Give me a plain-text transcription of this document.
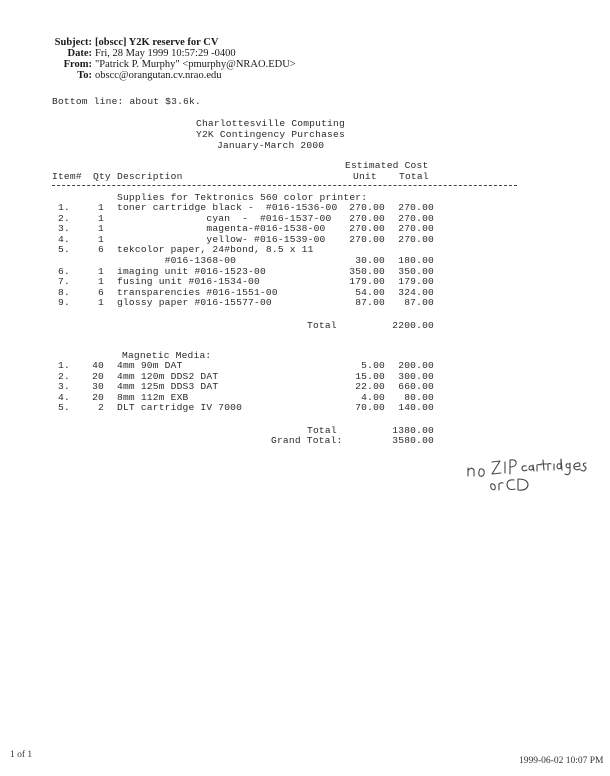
Subject: [obscc] Y2K reserve for CV
Date: Fri, 28 May 1999 10:57:29 -0400
From: "Patrick P. Murphy" <pmurphy@NRAO.EDU>
To: obscc@orangutan.cv.nrao.edu
Bottom line: about $3.6k.
Charlottesville Computing
Y2K Contingency Purchases
January-March 2000
Estimated Cost
Item# Qty Description	Unit Total
Supplies for Tektronics 560 color printer:
1.	1 toner cartridge black -  #016-1536-00	270.00	270.00
2.	1 cyan  -  #016-1537-00	270.00	270.00
3.	1 magenta-#016-1538-00	270.00	270.00
4.	1 yellow- #016-1539-00	270.00	270.00
5.	6 tekcolor paper, 24#bond, 8.5 x 11
#016-1368-00	30.00	180.00
6.	1 imaging unit #016-1523-00	350.00	350.00
7.	1 fusing unit #016-1534-00	179.00	179.00
8.	6 transparencies #016-1551-00	54.00	324.00
9.	1 glossy paper #016-15577-00	87.00	87.00
Total	2200.00
Magnetic Media:
1. 40 4mm 90m DAT	5.00	200.00
2. 20 4mm 120m DDS2 DAT	15.00	300.00
3. 30 4mm 125m DDS3 DAT	22.00	660.00
4. 20 8mm 112m EXB	4.00	80.00
5.	2 DLT cartridge IV 7000	70.00	140.00
Total	1380.00
Grand Total:	3580.00
1 of 1
1999-06-02 10:07 PM
